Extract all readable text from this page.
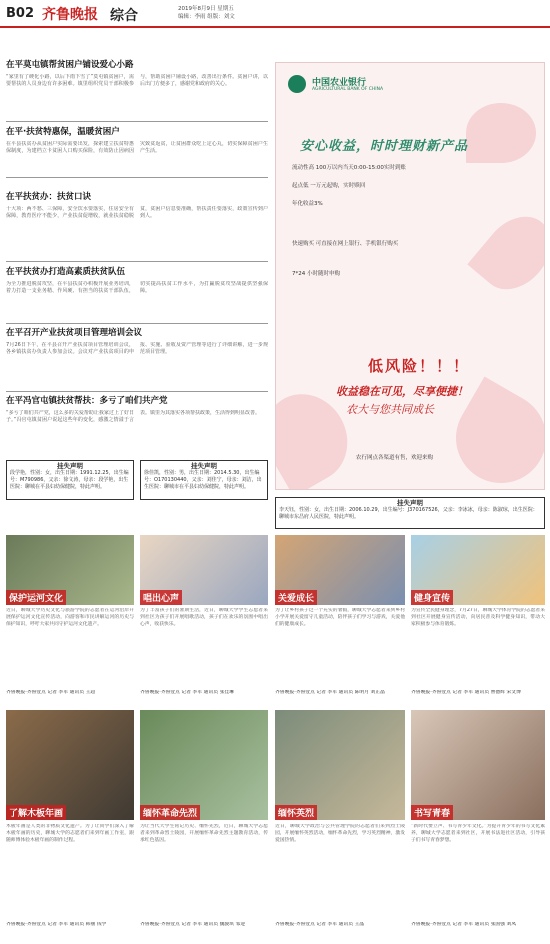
B02 齐鲁晚报 综合	2019年8月9日 星期五
编辑：李雨 组版：刘文
在平莫屯镇帮贫困户铺设爱心小路
“家里有了硬化小路，以后下雨下雪了”莫屯镇贫困户，需要帮扶的人员身边有许多困难。镇里组织党员干部积极参与，帮助贫困户铺设小路，改善出行条件。贫困户讲，以后出门方便多了，感谢党和政府的关心。
在平·扶贫特惠保，温暖贫困户
在平县扶贫办从贫困户实际需要出发，探索建立扶贫特惠保制度，为建档立卡贫困人口购买保险，有效防止因病因灾致贫返贫，让贫困群众吃上定心丸，切实保障贫困户生产生活。
在平扶贫办：扶贫口诀
十大项：两不愁、三保障，安全饮水要落实，住房安全有保障，教育医疗不能少，产业扶贫促增收，就业扶贫稳脱贫，贫困户信息要准确，帮扶责任要落实，政策宣传到户到人。
在平扶贫办打造高素质扶贫队伍
为全力推进脱贫攻坚，在平县扶贫办积极开展业务培训，着力打造一支业务精、作风硬、有担当的扶贫干部队伍，切实提高扶贫工作水平，为打赢脱贫攻坚战提供坚强保障。
在平召开产业扶贫项目管理培训会议
7月26日下午，在平县召开产业扶贫项目管理培训会议，各乡镇扶贫办负责人参加会议。会议对产业扶贫项目的申报、实施、验收及资产管理等进行了详细讲解，进一步规范项目管理。
在平冯官屯镇扶贫帮扶：多亏了咱们共产党
“多亏了咱们共产党，这么多的关爱帮助让我家过上了好日子。”冯官屯镇贫困户说起这些年的变化，感激之情溢于言表。镇里为其落实各项帮扶政策，生活得到明显改善。
中国农业银行
AGRICULTURAL BANK OF CHINA
安心收益，时时理财新产品
流动性高 100万以内当天0:00-15:00实时到账
起点低 一万元起购，实时赎回
年化收益3%
快速购买 可直接在网上银行、手机银行购买
7*24 小时随时申购
低风险！！！
收益稳在可见，尽享便捷！
农大与您共同成长
农行网点各渠道有售，欢迎来购
挂失声明
段学艳，性别：女，出生日期：1991.12.25，出生编号：M790986，父亲：徐文涛，母亲：段学艳，出生医院：聊城在平县妇幼保健院，特此声明。
挂失声明
徐佳凯，性别：男，出生日期：2014.5.30，出生编号：O170130440，父亲：刘佳宁，母亲：刘洁，出生医院：聊城市在平县妇幼保健院，特此声明。
挂失声明
李天钰，性别：女，出生日期：2006.10.29，出生编号：J370167526，父亲：李冰冰，母亲：陈淑琼，出生医院：聊城市东昌府人民医院，特此声明。
保护运河文化
近日，聊城大学历史文化与旅游学院的志愿者在运河沿岸开展保护运河文化宣传活动，向游客和市民讲解运河的历史与保护知识，呼吁大家共同守护运河文化遗产。
齐鲁晚报·齐鲁壹点 记者 李军 通讯员 王超
唱出心声
为了丰富孩子们的暑期生活，近日，聊城大学学生志愿者来到社区为孩子们开展唱歌活动，孩子们在欢乐的氛围中唱出心声，收获快乐。
齐鲁晚报·齐鲁壹点 记者 李军 通讯员 张佳琳
关爱成长
为了让乡村孩子过一个充实的暑假，聊城大学志愿者来到乡村小学开展关爱留守儿童活动，陪伴孩子们学习与游戏，关爱他们的健康成长。
齐鲁晚报·齐鲁壹点 记者 李军 通讯员 陈明月 刘正晶
健身宣传
为宣传全民健身理念，7月27日，聊城大学体育学院的志愿者来到社区开展健身宣传活动，向居民普及科学健身知识，带动大家积极参与体育锻炼。
齐鲁晚报·齐鲁壹点 记者 李军 通讯员 曹德辉 宋文博
了解木板年画
木板年画是人类的非物质文化遗产。为了让同学们深入了解木板年画的历史，聊城大学的志愿者们来到年画工作室，跟随师傅体验木板年画的制作过程。
齐鲁晚报·齐鲁壹点 记者 李军 通讯员 韩丽 钱学
缅怀革命先烈
为让当代大学生铭记历史、缅怀先烈，近日，聊城大学志愿者来到革命烈士陵园，开展缅怀革命先烈主题教育活动，传承红色基因。
齐鲁晚报·齐鲁壹点 记者 李军 通讯员 魏骏琪 邹迎
缅怀英烈
近日，聊城大学政治与公共管理学院的志愿者们来到烈士陵园，开展缅怀英烈活动，缅怀革命先烈，学习英烈精神，激发爱国热情。
齐鲁晚报·齐鲁壹点 记者 李军 通讯员 王晶
书写青春
“新时代要立声、书写青少年文化。”为提升青少年的书写文化素养，聊城大学志愿者来到社区，开展书法进社区活动，引导孩子们书写青春梦想。
齐鲁晚报·齐鲁壹点 记者 李军 通讯员 张国强 刘凤
